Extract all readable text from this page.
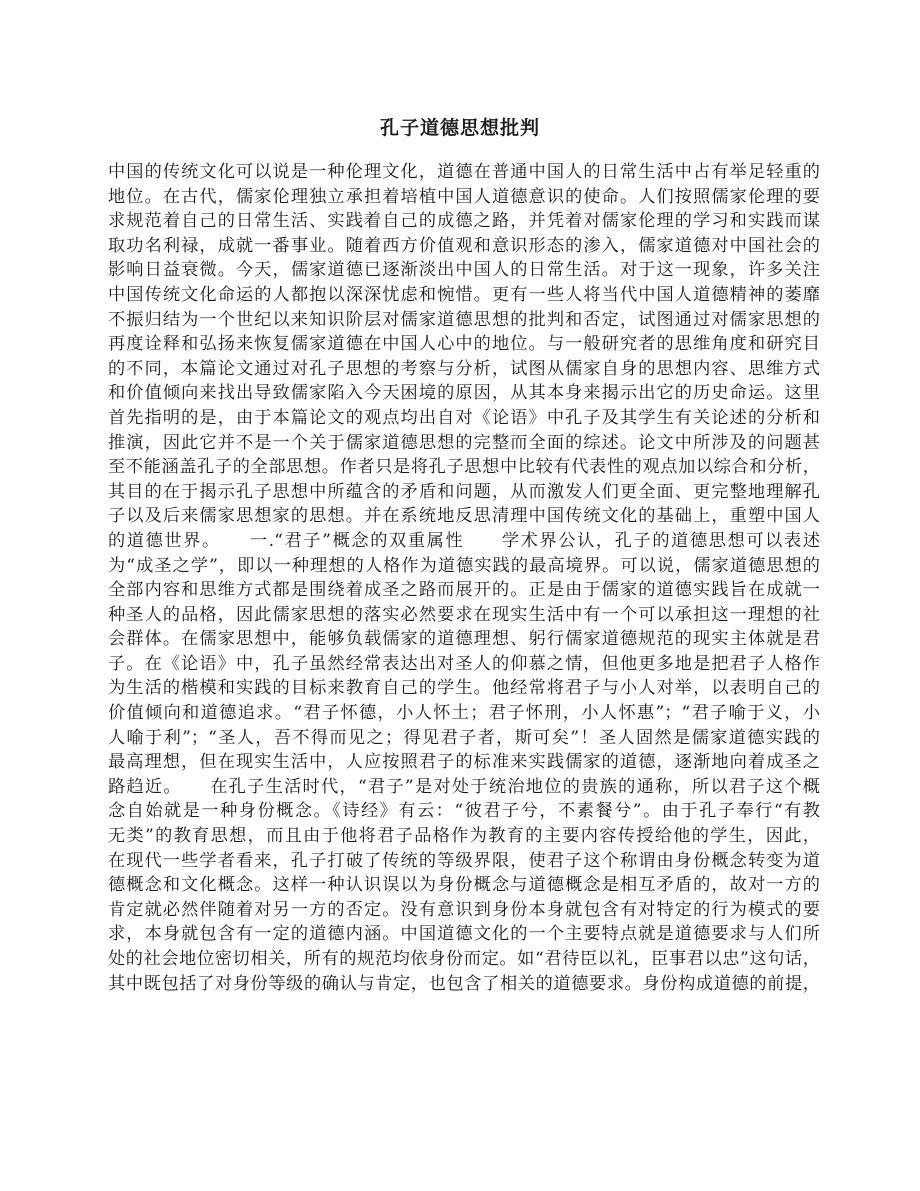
孔子道德思想批判
中国的传统文化可以说是一种伦理文化，道德在普通中国人的日常生活中占有举足轻重的
地位。在古代，儒家伦理独立承担着培植中国人道德意识的使命。人们按照儒家伦理的要
求规范着自己的日常生活、实践着自己的成德之路，并凭着对儒家伦理的学习和实践而谋
取功名利禄，成就一番事业。随着西方价值观和意识形态的渗入，儒家道德对中国社会的
影响日益衰微。今天，儒家道德已逐渐淡出中国人的日常生活。对于这一现象，许多关注
中国传统文化命运的人都抱以深深忧虑和惋惜。更有一些人将当代中国人道德精神的萎靡
不振归结为一个世纪以来知识阶层对儒家道德思想的批判和否定，试图通过对儒家思想的
再度诠释和弘扬来恢复儒家道德在中国人心中的地位。与一般研究者的思维角度和研究目
的不同，本篇论文通过对孔子思想的考察与分析，试图从儒家自身的思想内容、思维方式
和价值倾向来找出导致儒家陷入今天困境的原因，从其本身来揭示出它的历史命运。这里
首先指明的是，由于本篇论文的观点均出自对《论语》中孔子及其学生有关论述的分析和
推演，因此它并不是一个关于儒家道德思想的完整而全面的综述。论文中所涉及的问题甚
至不能涵盖孔子的全部思想。作者只是将孔子思想中比较有代表性的观点加以综合和分析，
其目的在于揭示孔子思想中所蕴含的矛盾和问题，从而激发人们更全面、更完整地理解孔
子以及后来儒家思想家的思想。并在系统地反思清理中国传统文化的基础上，重塑中国人
的道德世界。　　一.“君子”概念的双重属性　　学术界公认，孔子的道德思想可以表述
为“成圣之学”，即以一种理想的人格作为道德实践的最高境界。可以说，儒家道德思想的
全部内容和思维方式都是围绕着成圣之路而展开的。正是由于儒家的道德实践旨在成就一
种圣人的品格，因此儒家思想的落实必然要求在现实生活中有一个可以承担这一理想的社
会群体。在儒家思想中，能够负载儒家的道德理想、躬行儒家道德规范的现实主体就是君
子。在《论语》中，孔子虽然经常表达出对圣人的仰慕之情，但他更多地是把君子人格作
为生活的楷模和实践的目标来教育自己的学生。他经常将君子与小人对举，以表明自己的
价值倾向和道德追求。“君子怀德，小人怀土；君子怀刑，小人怀惠”；“君子喻于义，小
人喻于利”；“圣人，吾不得而见之；得见君子者，斯可矣”！圣人固然是儒家道德实践的
最高理想，但在现实生活中，人应按照君子的标准来实践儒家的道德，逐渐地向着成圣之
路趋近。　　在孔子生活时代，“君子”是对处于统治地位的贵族的通称，所以君子这个概
念自始就是一种身份概念。《诗经》有云：“彼君子兮，不素餐兮”。由于孔子奉行“有教
无类”的教育思想，而且由于他将君子品格作为教育的主要内容传授给他的学生，因此，
在现代一些学者看来，孔子打破了传统的等级界限，使君子这个称谓由身份概念转变为道
德概念和文化概念。这样一种认识误以为身份概念与道德概念是相互矛盾的，故对一方的
肯定就必然伴随着对另一方的否定。没有意识到身份本身就包含有对特定的行为模式的要
求，本身就包含有一定的道德内涵。中国道德文化的一个主要特点就是道德要求与人们所
处的社会地位密切相关，所有的规范均依身份而定。如“君待臣以礼，臣事君以忠”这句话，
其中既包括了对身份等级的确认与肯定，也包含了相关的道德要求。身份构成道德的前提，
